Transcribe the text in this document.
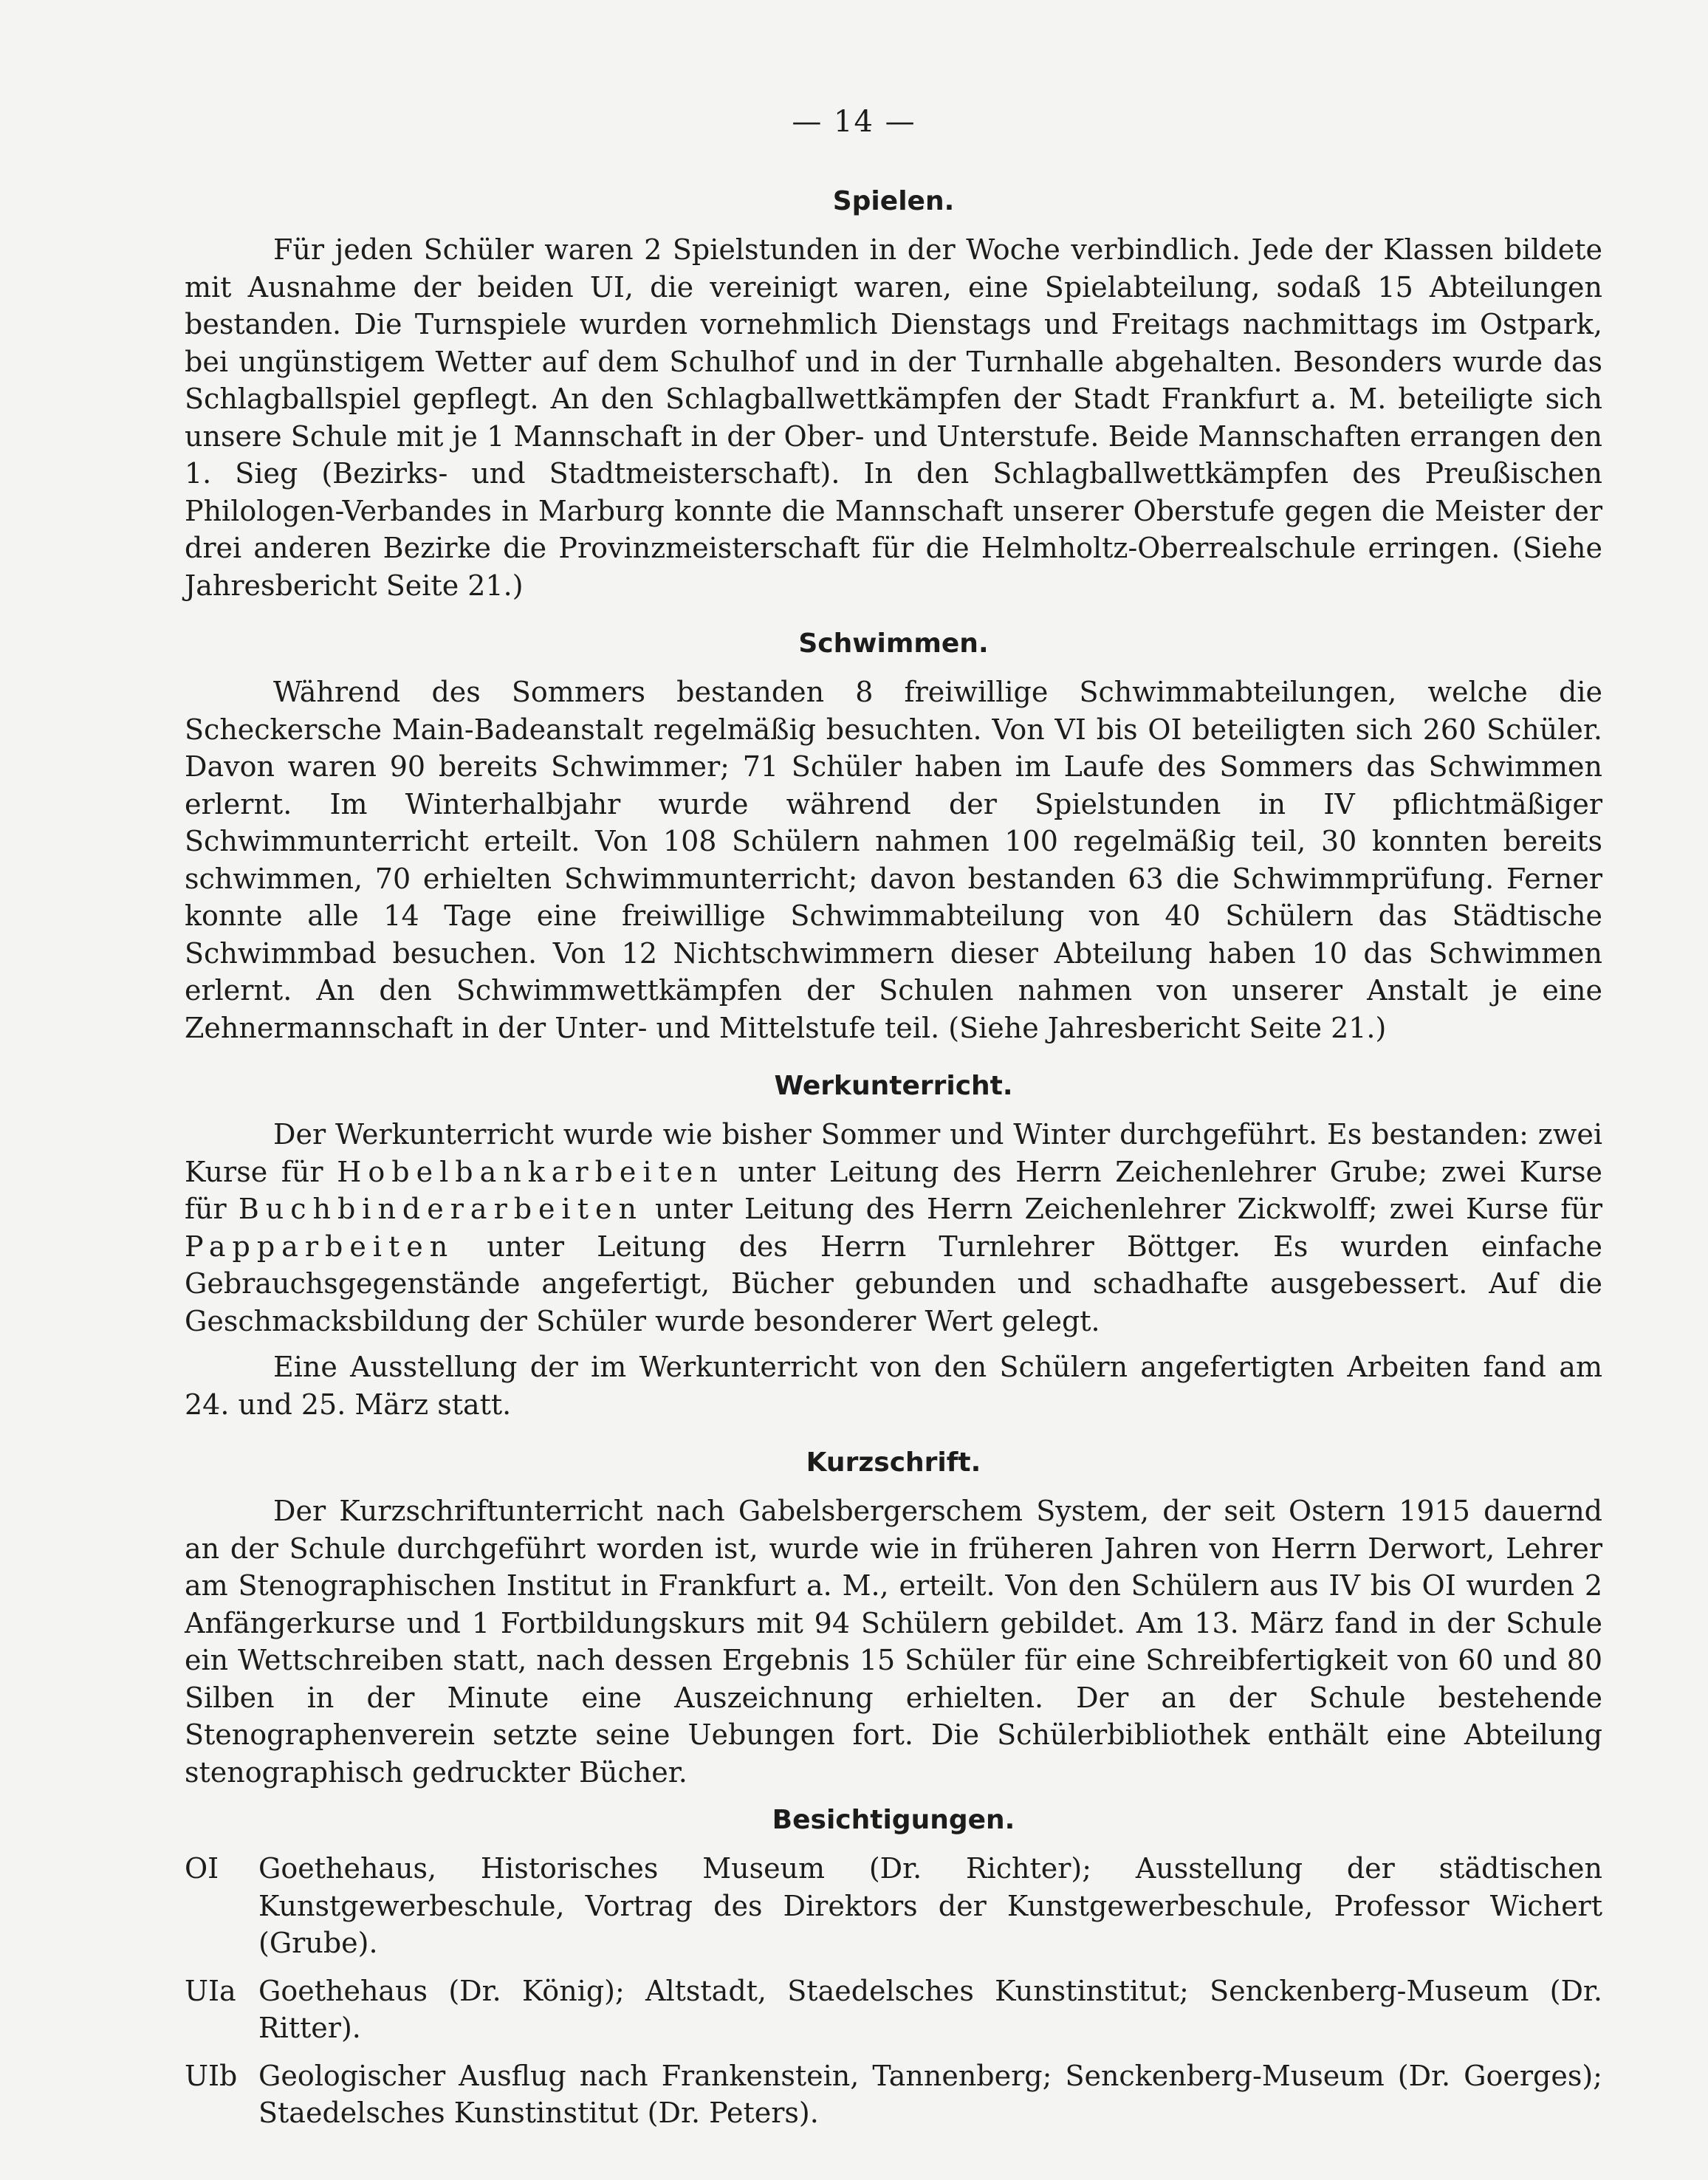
— 14 —
Spielen.

Für jeden Schüler waren 2 Spielstunden in der Woche verbindlich. Jede der Klassen bildete mit Ausnahme der beiden UI, die vereinigt waren, eine Spielabteilung, sodaß 15 Abteilungen bestanden. Die Turnspiele wurden vornehmlich Dienstags und Freitags nachmittags im Ostpark, bei ungünstigem Wetter auf dem Schulhof und in der Turnhalle abgehalten. Besonders wurde das Schlagballspiel gepflegt. An den Schlagballwettkämpfen der Stadt Frankfurt a. M. beteiligte sich unsere Schule mit je 1 Mannschaft in der Ober- und Unterstufe. Beide Mannschaften errangen den 1. Sieg (Bezirks- und Stadtmeisterschaft). In den Schlagballwettkämpfen des Preußischen Philologen-Verbandes in Marburg konnte die Mannschaft unserer Oberstufe gegen die Meister der drei anderen Bezirke die Provinzmeisterschaft für die Helmholtz-Oberrealschule erringen. (Siehe Jahresbericht Seite 21.)

Schwimmen.

Während des Sommers bestanden 8 freiwillige Schwimmabteilungen, welche die Scheckersche Main-Badeanstalt regelmäßig besuchten. Von VI bis OI beteiligten sich 260 Schüler. Davon waren 90 bereits Schwimmer; 71 Schüler haben im Laufe des Sommers das Schwimmen erlernt. Im Winterhalbjahr wurde während der Spielstunden in IV pflichtmäßiger Schwimmunterricht erteilt. Von 108 Schülern nahmen 100 regelmäßig teil, 30 konnten bereits schwimmen, 70 erhielten Schwimmunterricht; davon bestanden 63 die Schwimmprüfung. Ferner konnte alle 14 Tage eine freiwillige Schwimmabteilung von 40 Schülern das Städtische Schwimmbad besuchen. Von 12 Nichtschwimmern dieser Abteilung haben 10 das Schwimmen erlernt. An den Schwimmwettkämpfen der Schulen nahmen von unserer Anstalt je eine Zehnermannschaft in der Unter- und Mittelstufe teil. (Siehe Jahresbericht Seite 21.)

Werkunterricht.

Der Werkunterricht wurde wie bisher Sommer und Winter durchgeführt. Es bestanden: zwei Kurse für Hobelbankarbeiten unter Leitung des Herrn Zeichenlehrer Grube; zwei Kurse für Buchbinderarbeiten unter Leitung des Herrn Zeichenlehrer Zickwolff; zwei Kurse für Papparbeiten unter Leitung des Herrn Turnlehrer Böttger. Es wurden einfache Gebrauchsgegenstände angefertigt, Bücher gebunden und schadhafte ausgebessert. Auf die Geschmacksbildung der Schüler wurde besonderer Wert gelegt.

Eine Ausstellung der im Werkunterricht von den Schülern angefertigten Arbeiten fand am 24. und 25. März statt.

Kurzschrift.

Der Kurzschriftunterricht nach Gabelsbergerschem System, der seit Ostern 1915 dauernd an der Schule durchgeführt worden ist, wurde wie in früheren Jahren von Herrn Derwort, Lehrer am Stenographischen Institut in Frankfurt a. M., erteilt. Von den Schülern aus IV bis OI wurden 2 Anfängerkurse und 1 Fortbildungskurs mit 94 Schülern gebildet. Am 13. März fand in der Schule ein Wettschreiben statt, nach dessen Ergebnis 15 Schüler für eine Schreibfertigkeit von 60 und 80 Silben in der Minute eine Auszeichnung erhielten. Der an der Schule bestehende Stenographenverein setzte seine Uebungen fort. Die Schülerbibliothek enthält eine Abteilung stenographisch gedruckter Bücher.

Besichtigungen.
OI	Goethehaus, Historisches Museum (Dr. Richter); Ausstellung der städtischen Kunstgewerbeschule, Vortrag des Direktors der Kunstgewerbeschule, Professor Wichert (Grube).
UIa Goethehaus (Dr. König); Altstadt, Staedelsches Kunstinstitut; Senckenberg-Museum (Dr. Ritter).
UIb Geologischer Ausflug nach Frankenstein, Tannenberg; Senckenberg-Museum (Dr. Goerges); Staedelsches Kunstinstitut (Dr. Peters).
